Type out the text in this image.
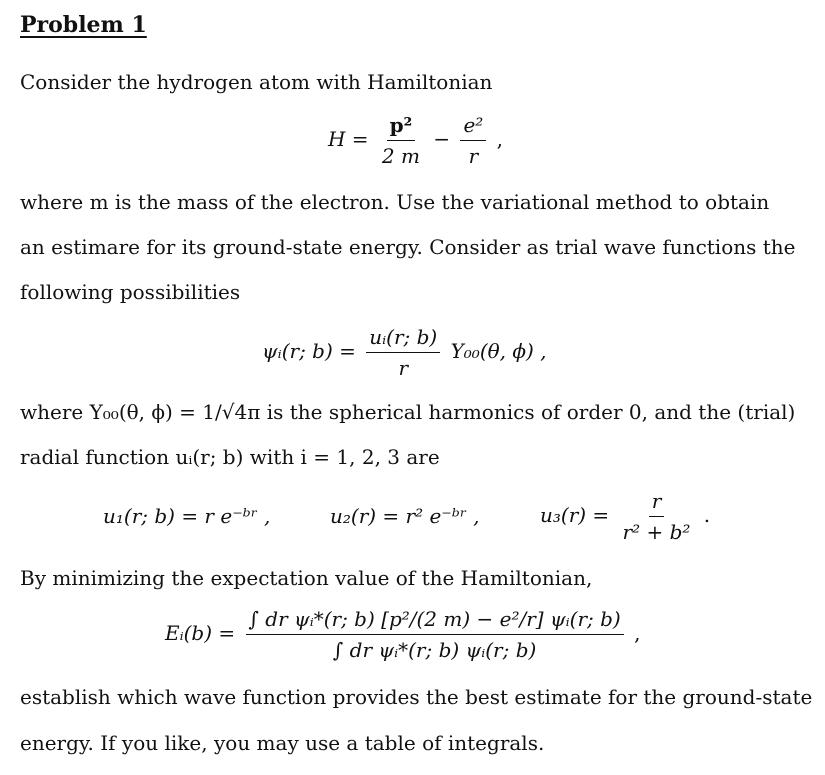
Problem 1
Consider the hydrogen atom with Hamiltonian
$H = \frac{\text{p²}}{2 m} - \frac{\text{e²}}{r}$ ,
where m is the mass of the electron. Use the variational method to obtain
an estimare for its ground-state energy. Consider as trial wave functions the
following possibilities
ψᵢ(r; $b) = \frac{\text{uᵢ(r; b)}}{r} Y_{00}(\theta$, ϕ) ,
where Y₀₀(θ, ϕ) = 1/√4π is the spherical harmonics of order 0, and the (trial)
radial function uᵢ(r; b) with i = 1, 2, 3 are
u₁(r; b) = r e⁻ᵇʳ ,	u₂(r) = r² e⁻ᵇʳ ,	$u_3(r) = \frac{r}{\text{r² + b²}}$ .
By minimizing the expectation value of the Hamiltonian,
Eᵢ(b) = $\frac{\text{∫ dr ψᵢ*(r; b) [p²/(2 m) − e²/r] ψᵢ(r; b)}}{\text{∫ dr ψᵢ*(r; b) ψᵢ(r; b)}}$ ,
establish which wave function provides the best estimate for the ground-state
energy. If you like, you may use a table of integrals.
